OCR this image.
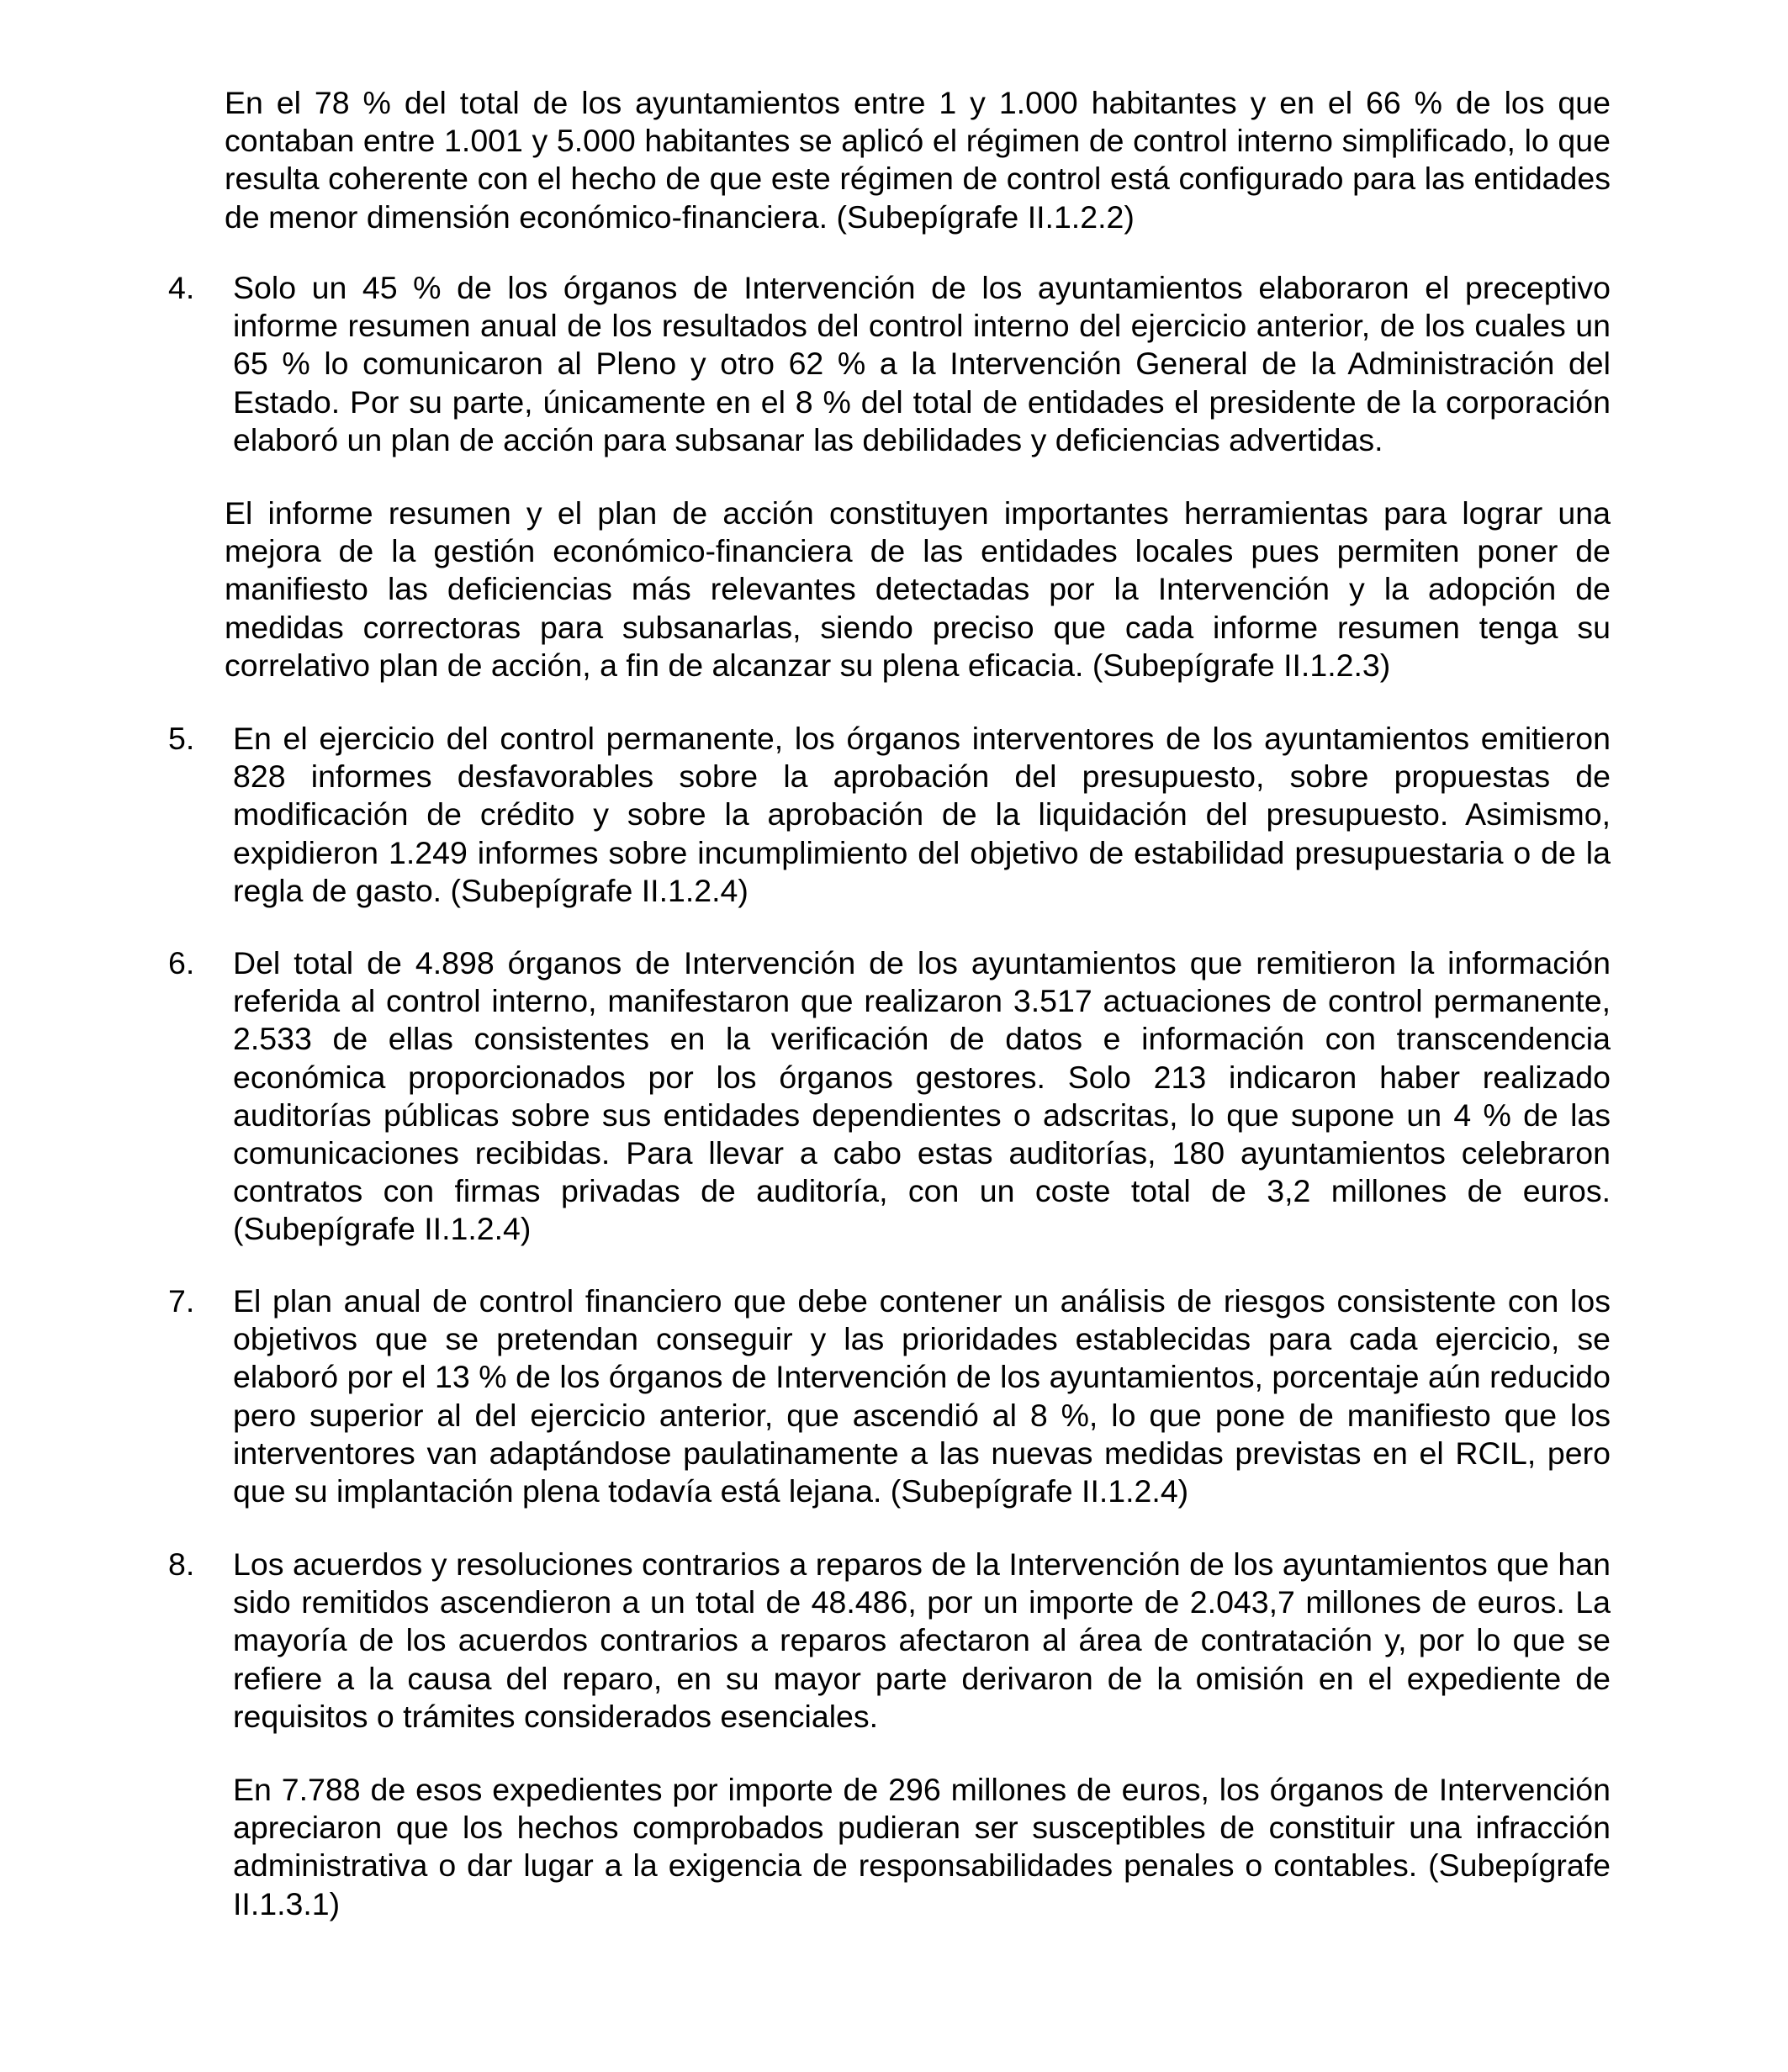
En el 78 % del total de los ayuntamientos entre 1 y 1.000 habitantes y en el 66 % de los que contaban entre 1.001 y 5.000 habitantes se aplicó el régimen de control interno simplificado, lo que resulta coherente con el hecho de que este régimen de control está configurado para las entidades de menor dimensión económico-financiera. (Subepígrafe II.1.2.2)

4.	Solo un 45 % de los órganos de Intervención de los ayuntamientos elaboraron el preceptivo informe resumen anual de los resultados del control interno del ejercicio anterior, de los cuales un 65 % lo comunicaron al Pleno y otro 62 % a la Intervención General de la Administración del Estado. Por su parte, únicamente en el 8 % del total de entidades el presidente de la corporación elaboró un plan de acción para subsanar las debilidades y deficiencias advertidas.

El informe resumen y el plan de acción constituyen importantes herramientas para lograr una mejora de la gestión económico-financiera de las entidades locales pues permiten poner de manifiesto las deficiencias más relevantes detectadas por la Intervención y la adopción de medidas correctoras para subsanarlas, siendo preciso que cada informe resumen tenga su correlativo plan de acción, a fin de alcanzar su plena eficacia. (Subepígrafe II.1.2.3)

5.	En el ejercicio del control permanente, los órganos interventores de los ayuntamientos emitieron 828 informes desfavorables sobre la aprobación del presupuesto, sobre propuestas de modificación de crédito y sobre la aprobación de la liquidación del presupuesto. Asimismo, expidieron 1.249 informes sobre incumplimiento del objetivo de estabilidad presupuestaria o de la regla de gasto. (Subepígrafe II.1.2.4)

6.	Del total de 4.898 órganos de Intervención de los ayuntamientos que remitieron la información referida al control interno, manifestaron que realizaron 3.517 actuaciones de control permanente, 2.533 de ellas consistentes en la verificación de datos e información con transcendencia económica proporcionados por los órganos gestores. Solo 213 indicaron haber realizado auditorías públicas sobre sus entidades dependientes o adscritas, lo que supone un 4 % de las comunicaciones recibidas. Para llevar a cabo estas auditorías, 180 ayuntamientos celebraron contratos con firmas privadas de auditoría, con un coste total de 3,2 millones de euros. (Subepígrafe II.1.2.4)

7.	El plan anual de control financiero que debe contener un análisis de riesgos consistente con los objetivos que se pretendan conseguir y las prioridades establecidas para cada ejercicio, se elaboró por el 13 % de los órganos de Intervención de los ayuntamientos, porcentaje aún reducido pero superior al del ejercicio anterior, que ascendió al 8 %, lo que pone de manifiesto que los interventores van adaptándose paulatinamente a las nuevas medidas previstas en el RCIL, pero que su implantación plena todavía está lejana. (Subepígrafe II.1.2.4)

8.	Los acuerdos y resoluciones contrarios a reparos de la Intervención de los ayuntamientos que han sido remitidos ascendieron a un total de 48.486, por un importe de 2.043,7 millones de euros. La mayoría de los acuerdos contrarios a reparos afectaron al área de contratación y, por lo que se refiere a la causa del reparo, en su mayor parte derivaron de la omisión en el expediente de requisitos o trámites considerados esenciales.

En 7.788 de esos expedientes por importe de 296 millones de euros, los órganos de Intervención apreciaron que los hechos comprobados pudieran ser susceptibles de constituir una infracción administrativa o dar lugar a la exigencia de responsabilidades penales o contables. (Subepígrafe II.1.3.1)
